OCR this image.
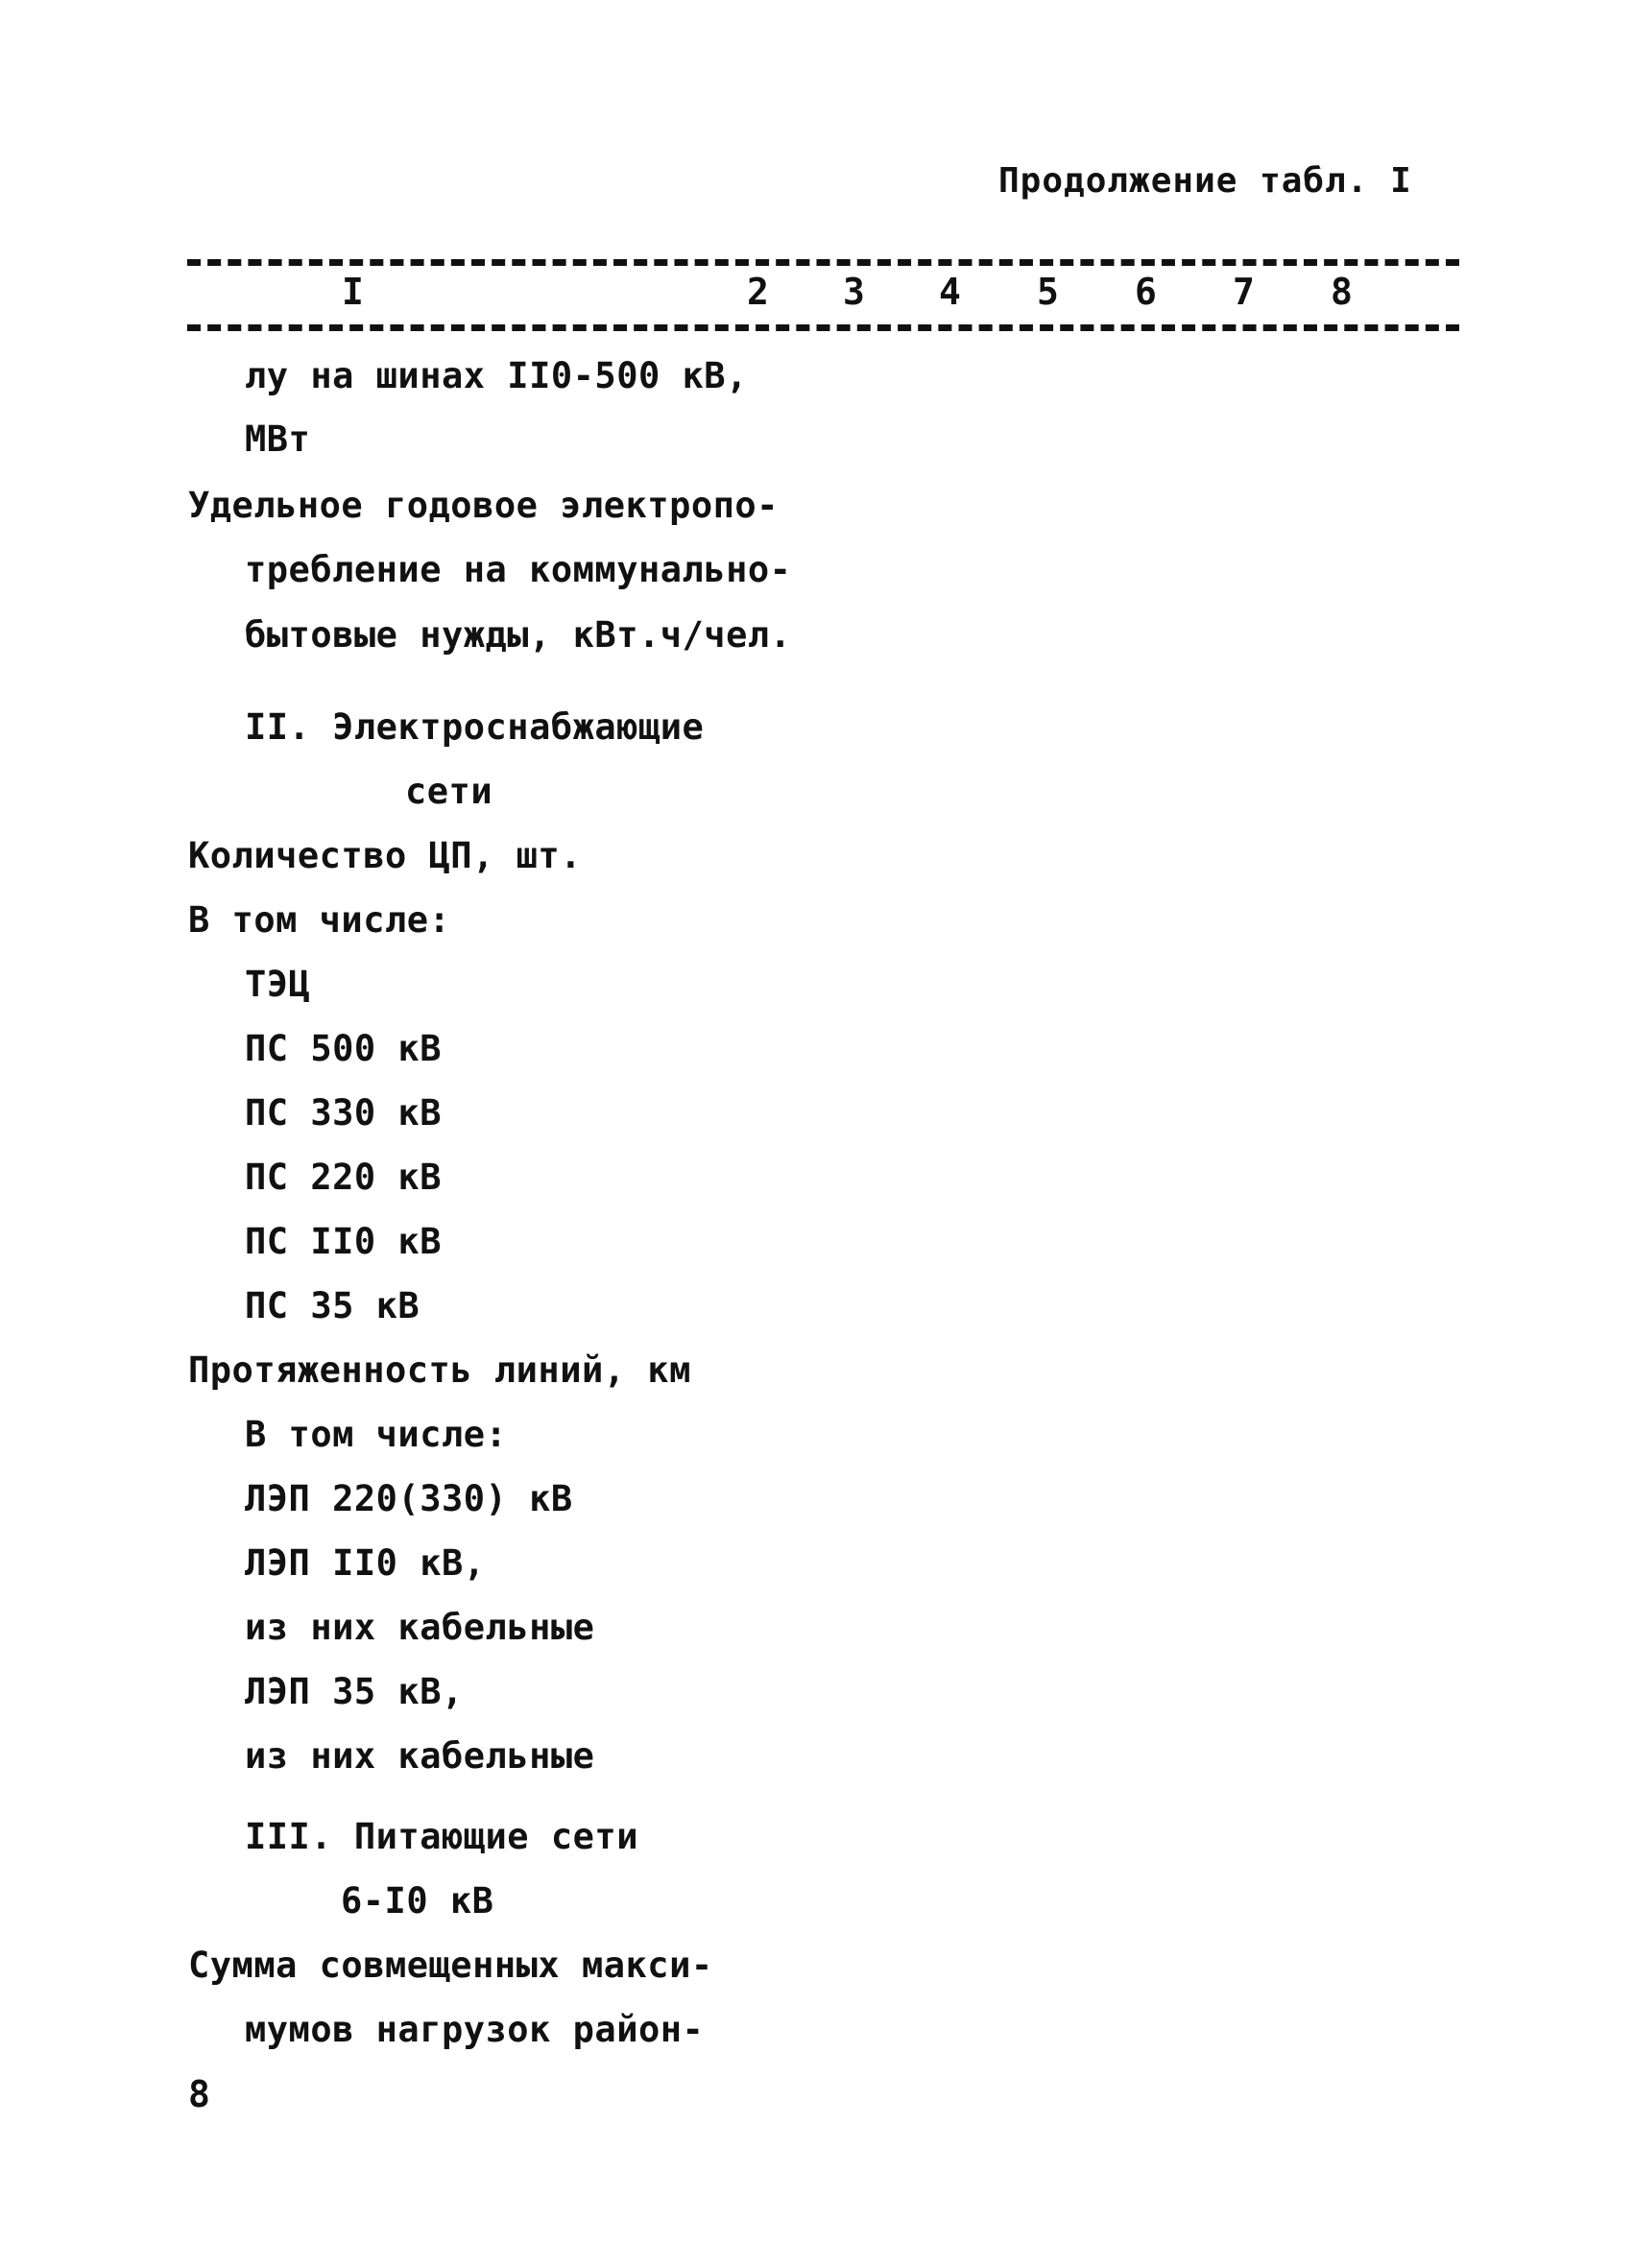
Продолжение табл. I
I	2 3 4 5 6 7 8
лу на шинах II0-500 кВ,
МВт
Удельное годовое электропо-
требление на коммунально-
бытовые нужды, кВт.ч/чел.
II. Электроснабжающие
сети
Количество ЦП, шт.
В том числе:
ТЭЦ
ПС 500 кВ
ПС 330 кВ
ПС 220 кВ
ПС II0 кВ
ПС 35 кВ
Протяженность линий, км
В том числе:
ЛЭП 220(330) кВ
ЛЭП II0 кВ,
из них кабельные
ЛЭП 35 кВ,
из них кабельные
III. Питающие сети
6-I0 кВ
Сумма совмещенных макси-
мумов нагрузок район-
8
